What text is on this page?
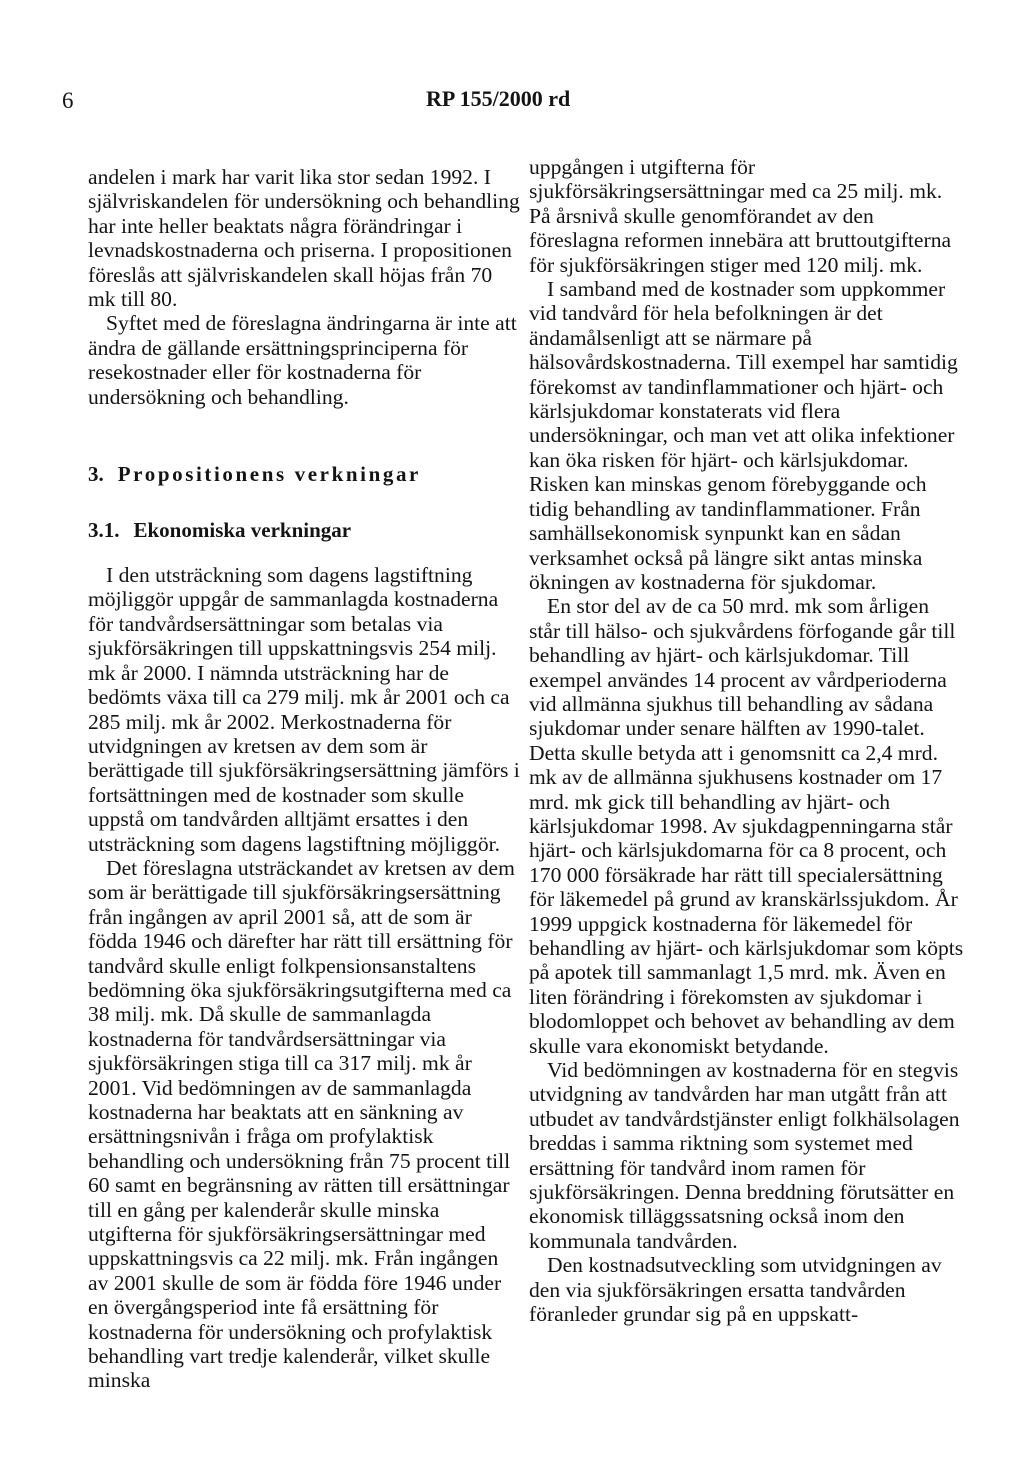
6	RP 155/2000 rd

andelen i mark har varit lika stor sedan 1992. I självriskandelen för undersökning och behandling har inte heller beaktats några förändringar i levnadskostnaderna och priserna. I propositionen föreslås att självriskandelen skall höjas från 70 mk till 80.

Syftet med de föreslagna ändringarna är inte att ändra de gällande ersättningsprinciperna för resekostnader eller för kostnaderna för undersökning och behandling.

3. Propositionens verkningar
3.1. Ekonomiska verkningar

I den utsträckning som dagens lagstiftning möjliggör uppgår de sammanlagda kostnaderna för tandvårdsersättningar som betalas via sjukförsäkringen till uppskattningsvis 254 milj. mk år 2000. I nämnda utsträckning har de bedömts växa till ca 279 milj. mk år 2001 och ca 285 milj. mk år 2002. Merkostnaderna för utvidgningen av kretsen av dem som är berättigade till sjukförsäkringsersättning jämförs i fortsättningen med de kostnader som skulle uppstå om tandvården alltjämt ersattes i den utsträckning som dagens lagstiftning möjliggör.

Det föreslagna utsträckandet av kretsen av dem som är berättigade till sjukförsäkringsersättning från ingången av april 2001 så, att de som är födda 1946 och därefter har rätt till ersättning för tandvård skulle enligt folkpensionsanstaltens bedömning öka sjukförsäkringsutgifterna med ca 38 milj. mk. Då skulle de sammanlagda kostnaderna för tandvårdsersättningar via sjukförsäkringen stiga till ca 317 milj. mk år 2001. Vid bedömningen av de sammanlagda kostnaderna har beaktats att en sänkning av ersättningsnivån i fråga om profylaktisk behandling och undersökning från 75 procent till 60 samt en begränsning av rätten till ersättningar till en gång per kalenderår skulle minska utgifterna för sjukförsäkringsersättningar med uppskattningsvis ca 22 milj. mk. Från ingången av 2001 skulle de som är födda före 1946 under en övergångsperiod inte få ersättning för kostnaderna för undersökning och profylaktisk behandling vart tredje kalenderår, vilket skulle minska

uppgången i utgifterna för sjukförsäkringsersättningar med ca 25 milj. mk. På årsnivå skulle genomförandet av den föreslagna reformen innebära att bruttoutgifterna för sjukförsäkringen stiger med 120 milj. mk.

I samband med de kostnader som uppkommer vid tandvård för hela befolkningen är det ändamålsenligt att se närmare på hälsovårdskostnaderna. Till exempel har samtidig förekomst av tandinflammationer och hjärt- och kärlsjukdomar konstaterats vid flera undersökningar, och man vet att olika infektioner kan öka risken för hjärt- och kärlsjukdomar. Risken kan minskas genom förebyggande och tidig behandling av tandinflammationer. Från samhällsekonomisk synpunkt kan en sådan verksamhet också på längre sikt antas minska ökningen av kostnaderna för sjukdomar.

En stor del av de ca 50 mrd. mk som årligen står till hälso- och sjukvårdens förfogande går till behandling av hjärt- och kärlsjukdomar. Till exempel användes 14 procent av vårdperioderna vid allmänna sjukhus till behandling av sådana sjukdomar under senare hälften av 1990-talet. Detta skulle betyda att i genomsnitt ca 2,4 mrd. mk av de allmänna sjukhusens kostnader om 17 mrd. mk gick till behandling av hjärt- och kärlsjukdomar 1998. Av sjukdagpenningarna står hjärt- och kärlsjukdomarna för ca 8 procent, och 170 000 försäkrade har rätt till specialersättning för läkemedel på grund av kranskärlssjukdom. År 1999 uppgick kostnaderna för läkemedel för behandling av hjärt- och kärlsjukdomar som köpts på apotek till sammanlagt 1,5 mrd. mk. Även en liten förändring i förekomsten av sjukdomar i blodomloppet och behovet av behandling av dem skulle vara ekonomiskt betydande.

Vid bedömningen av kostnaderna för en stegvis utvidgning av tandvården har man utgått från att utbudet av tandvårdstjänster enligt folkhälsolagen breddas i samma riktning som systemet med ersättning för tandvård inom ramen för sjukförsäkringen. Denna breddning förutsätter en ekonomisk tilläggssatsning också inom den kommunala tandvården.

Den kostnadsutveckling som utvidgningen av den via sjukförsäkringen ersatta tandvården föranleder grundar sig på en uppskatt-
